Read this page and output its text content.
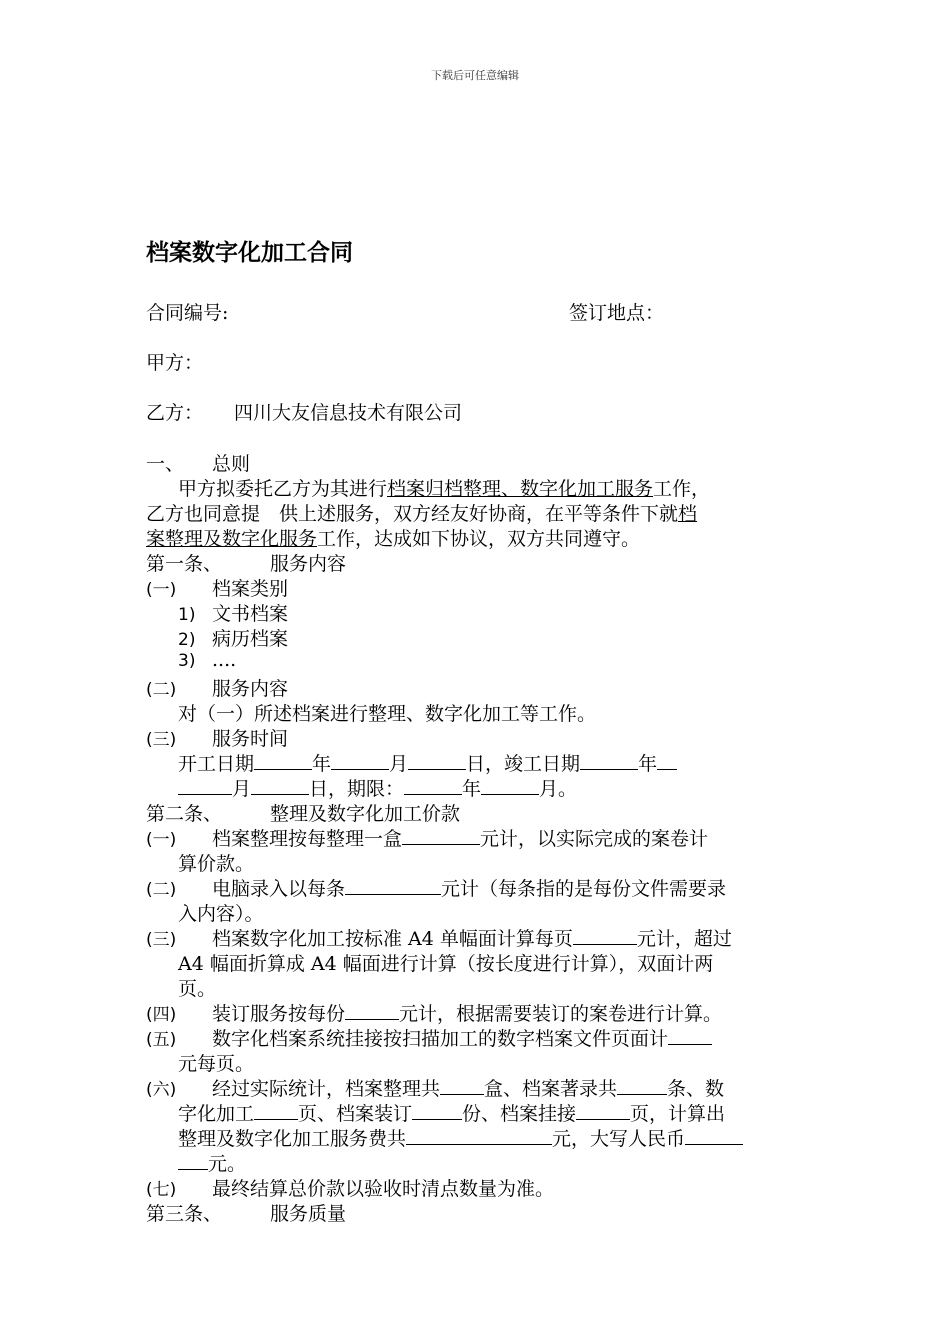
下载后可任意编辑
档案数字化加工合同
合同编号:	签订地点：
甲方：
乙方： 四川大友信息技术有限公司
一、 总则
甲方拟委托乙方为其进行档案归档整理、数字化加工服务工作，
乙方也同意提　供上述服务，双方经友好协商，在平等条件下就档
案整理及数字化服务工作，达成如下协议，双方共同遵守。
第一条、	服务内容
(一) 档案类别
1) 文书档案
2) 病历档案
3) ....
(二) 服务内容
对（一）所述档案进行整理、数字化加工等工作。
(三) 服务时间
开工日期	年	月	日，竣工日期	年
月	日，期限：	年	月。
第二条、	整理及数字化加工价款
(一) 档案整理按每整理一盒	元计，以实际完成的案卷计
算价款。
(二) 电脑录入以每条	元计（每条指的是每份文件需要录
入内容）。
(三) 档案数字化加工按标准 A4 单幅面计算每页	元计，超过
A4 幅面折算成 A4 幅面进行计算（按长度进行计算），双面计两
页。
(四) 装订服务按每份	元计，根据需要装订的案卷进行计算。
(五) 数字化档案系统挂接按扫描加工的数字档案文件页面计
元每页。
(六) 经过实际统计，档案整理共 盒、档案著录共	条、数
字化加工 页、档案装订	份、档案挂接	页，计算出
整理及数字化加工服务费共	元，大写人民币
元。
(七) 最终结算总价款以验收时清点数量为准。
第三条、	服务质量
